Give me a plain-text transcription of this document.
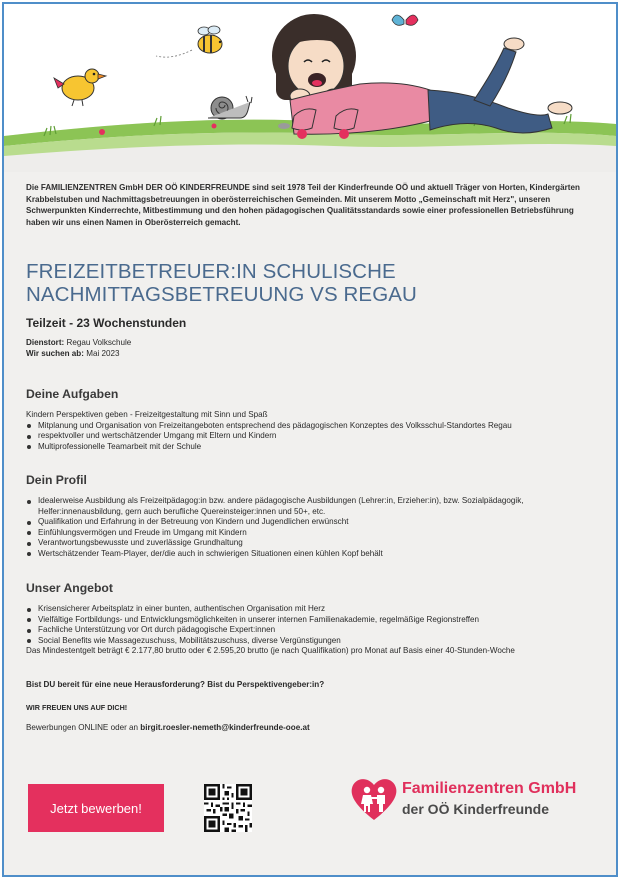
Die FAMILIENZENTREN GmbH DER OÖ KINDERFREUNDE sind seit 1978 Teil der Kinderfreunde OÖ und aktuell Träger von Horten, Kindergärten Krabbelstuben und Nachmittagsbetreuungen in oberösterreichischen Gemeinden. Mit unserem Motto „Gemeinschaft mit Herz", unseren Schwerpunkten Kinderrechte, Mitbestimmung und den hohen pädagogischen Qualitätsstandards sowie einer professionellen Betriebsführung haben wir uns einen Namen in Oberösterreich gemacht.

FREIZEITBETREUER:IN SCHULISCHE
NACHMITTAGSBETREUUNG VS REGAU
Teilzeit - 23 Wochenstunden
Dienstort: Regau Volkschule
Wir suchen ab: Mai 2023
Deine Aufgaben
Kindern Perspektiven geben - Freizeitgestaltung mit Sinn und Spaß
Mitplanung und Organisation von Freizeitangeboten entsprechend des pädagogischen Konzeptes des Volksschul-Standortes Regau
respektvoller und wertschätzender Umgang mit Eltern und Kindern
Multiprofessionelle Teamarbeit mit der Schule
Dein Profil
Idealerweise Ausbildung als Freizeitpädagog:in bzw. andere pädagogische Ausbildungen (Lehrer:in, Erzieher:in), bzw. Sozialpädagogik, Helfer:innenausbildung, gern auch berufliche Quereinsteiger:innen und 50+, etc.
Qualifikation und Erfahrung in der Betreuung von Kindern und Jugendlichen erwünscht
Einfühlungsvermögen und Freude im Umgang mit Kindern
Verantwortungsbewusste und zuverlässige Grundhaltung
Wertschätzender Team-Player, der/die auch in schwierigen Situationen einen kühlen Kopf behält
Unser Angebot
Krisensicherer Arbeitsplatz in einer bunten, authentischen Organisation mit Herz
Vielfältige Fortbildungs- und Entwicklungsmöglichkeiten in unserer internen Familienakademie, regelmäßige Regionstreffen
Fachliche Unterstützung vor Ort durch pädagogische Expert:innen
Social Benefits wie Massagezuschuss, Mobilitätszuschuss, diverse Vergünstigungen
Das Mindestentgelt beträgt € 2.177,80 brutto oder € 2.595,20 brutto (je nach Qualifikation) pro Monat auf Basis einer 40-Stunden-Woche
Bist DU bereit für eine neue Herausforderung? Bist du Perspektivengeber:in?
WIR FREUEN UNS AUF DICH!
Bewerbungen ONLINE oder an birgit.roesler-nemeth@kinderfreunde-ooe.at
Jetzt bewerben!
Familienzentren GmbH
der OÖ Kinderfreunde
